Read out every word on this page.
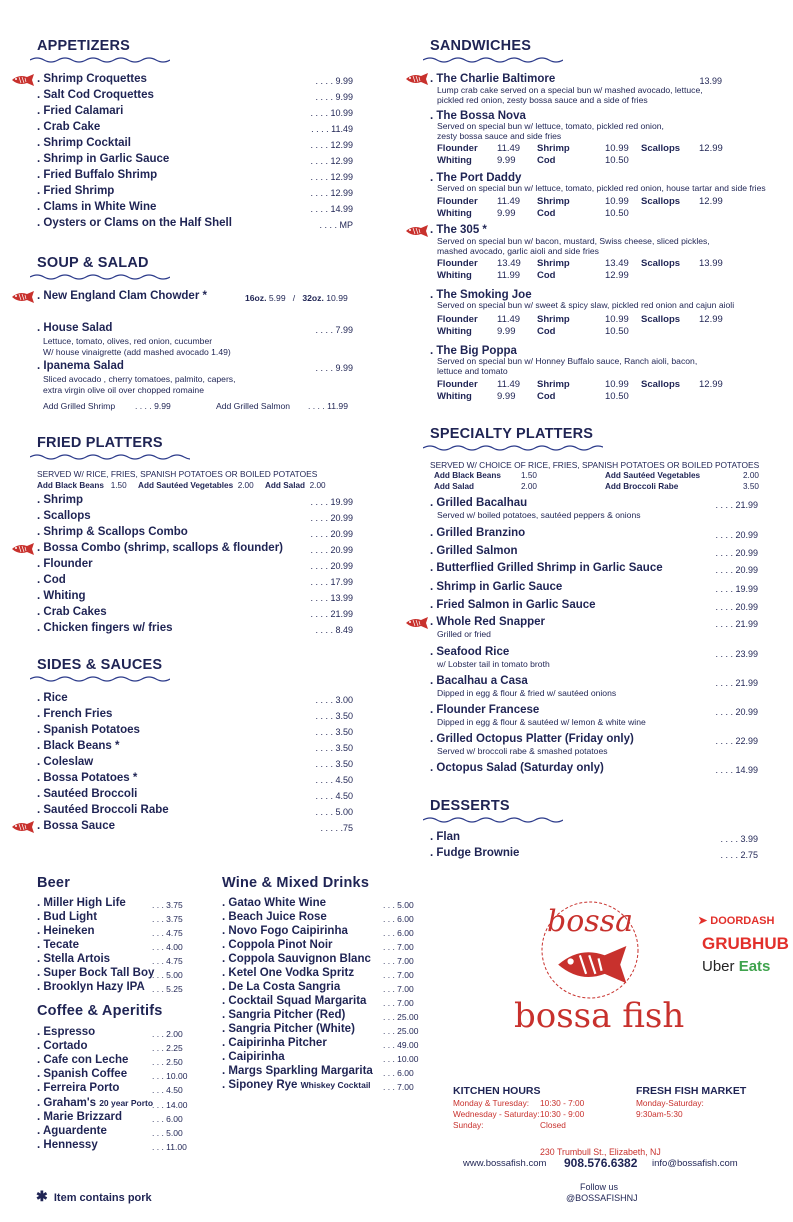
APPETIZERS
. Shrimp Croquettes	. . . . 9.99
. Salt Cod Croquettes	. . . . 9.99
. Fried Calamari	. . . . 10.99
. Crab Cake	. . . . 11.49
. Shrimp Cocktail	. . . . 12.99
. Shrimp in Garlic Sauce	. . . . 12.99
. Fried Buffalo Shrimp	. . . . 12.99
. Fried Shrimp	. . . . 12.99
. Clams in White Wine	. . . . 14.99
. Oysters or Clams on the Half Shell	. . . . MP
SOUP & SALAD
. New England Clam Chowder *	16oz. 5.99 / 32oz. 10.99
. House Salad	. . . . 7.99
Lettuce, tomato, olives, red onion, cucumber
W/ house vinaigrette (add mashed avocado 1.49)
. Ipanema Salad	. . . . 9.99
Sliced avocado , cherry tomatoes, palmito, capers,
extra virgin olive oil over chopped romaine
Add Grilled Shrimp . . . . 9.99	Add Grilled Salmon . . . . 11.99
FRIED PLATTERS
SERVED W/ RICE, FRIES, SPANISH POTATOES OR BOILED POTATOES
Add Black Beans 1.50 Add Sautéed Vegetables 2.00 Add Salad 2.00
. Shrimp	. . . . 19.99
. Scallops	. . . . 20.99
. Shrimp & Scallops Combo	. . . . 20.99
. Bossa Combo (shrimp, scallops & flounder)	. . . . 20.99
. Flounder	. . . . 20.99
. Cod	. . . . 17.99
. Whiting	. . . . 13.99
. Crab Cakes	. . . . 21.99
. Chicken fingers w/ fries	. . . . 8.49
SIDES & SAUCES
. Rice	. . . . 3.00
. French Fries	. . . . 3.50
. Spanish Potatoes	. . . . 3.50
. Black Beans *	. . . . 3.50
. Coleslaw	. . . . 3.50
. Bossa Potatoes *	. . . . 4.50
. Sautéed Broccoli	. . . . 4.50
. Sautéed Broccoli Rabe	. . . . 5.00
. Bossa Sauce	. . . . .75
SANDWICHES
. The Charlie Baltimore	13.99
Lump crab cake served on a special bun w/ mashed avocado, lettuce,
pickled red onion, zesty bossa sauce and a side of fries
. The Bossa Nova
Served on special bun w/ lettuce, tomato, pickled red onion,
zesty bossa sauce and side fries
Flounder 11.49 Shrimp	10.99 Scallops 12.99
Whiting	9.99 Cod	10.50
. The Port Daddy
Served on special bun w/ lettuce, tomato, pickled red onion, house tartar and side fries
Flounder 11.49 Shrimp	10.99 Scallops 12.99
Whiting	9.99 Cod	10.50
. The 305 *
Served on special bun w/ bacon, mustard, Swiss cheese, sliced pickles,
mashed avocado, garlic aioli and side fries
Flounder 13.49 Shrimp	13.49 Scallops 13.99
Whiting	11.99 Cod	12.99
. The Smoking Joe
Served on special bun w/ sweet & spicy slaw, pickled red onion and cajun aioli
Flounder 11.49 Shrimp	10.99 Scallops 12.99
Whiting	9.99 Cod	10.50
. The Big Poppa
Served on special bun w/ Honney Buffalo sauce, Ranch aioli, bacon,
lettuce and tomato
Flounder 11.49 Shrimp	10.99 Scallops 12.99
Whiting	9.99 Cod	10.50
SPECIALTY PLATTERS
SERVED W/ CHOICE OF RICE, FRIES, SPANISH POTATOES OR BOILED POTATOES
Add Black Beans 1.50	Add Sautéed Vegetables	2.00
Add Salad	2.00	Add Broccoli Rabe	3.50
. Grilled Bacalhau	. . . . 21.99
Served w/ boiled potatoes, sautéed peppers & onions
. Grilled Branzino	. . . . 20.99
. Grilled Salmon	. . . . 20.99
. Butterflied Grilled Shrimp in Garlic Sauce	. . . . 20.99
. Shrimp in Garlic Sauce	. . . . 19.99
. Fried Salmon in Garlic Sauce	. . . . 20.99
. Whole Red Snapper	. . . . 21.99
Grilled or fried
. Seafood Rice	. . . . 23.99
w/ Lobster tail in tomato broth
. Bacalhau a Casa	. . . . 21.99
Dipped in egg & flour & fried w/ sautéed onions
. Flounder Francese	. . . . 20.99
Dipped in egg & flour & sautéed w/ lemon & white wine
. Grilled Octopus Platter (Friday only)	. . . . 22.99
Served w/ broccoli rabe & smashed potatoes
. Octopus Salad (Saturday only)	. . . . 14.99
DESSERTS
. Flan	. . . . 3.99
. Fudge Brownie	. . . . 2.75
Beer
. Miller High Life	. . . 3.75
. Bud Light	. . . 3.75
. Heineken	. . . 4.75
. Tecate	. . . 4.00
. Stella Artois	. . . 4.75
. Super Bock Tall Boy
. . . 5.00
. Brooklyn Hazy IPA . . . 5.25
Coffee & Aperitifs
. Espresso	. . . 2.00
. Cortado	. . . 2.25
. Cafe con Leche	. . . 2.50
. Spanish Coffee	. . . 10.00
. Ferreira Porto	. . . 4.50
. Graham's 20 year Porto
. . . 14.00
. Marie Brizzard	. . . 6.00
. Aguardente	. . . 5.00
. Hennessy	. . . 11.00
Wine & Mixed Drinks
. Gatao White Wine	. . . 5.00
. Beach Juice Rose	. . . 6.00
. Novo Fogo Caipirinha	. . . 6.00
. Coppola Pinot Noir	. . . 7.00
. Coppola Sauvignon Blanc . . . 7.00
. Ketel One Vodka Spritz	. . . 7.00
. De La Costa Sangria	. . . 7.00
. Cocktail Squad Margarita . . . 7.00
. Sangria Pitcher (Red)	. . . 25.00
. Sangria Pitcher (White)	. . . 25.00
. Caipirinha Pitcher	. . . 49.00
. Caipirinha	. . . 10.00
. Margs Sparkling Margarita . . . 6.00
. Siponey Rye Whiskey Cocktail . . . 7.00
✱ Item contains pork
bossa
bossa fish
➤ DOORDASH
GRUBHUB
Uber Eats
KITCHEN HOURS
Monday & Turesday: 10:30 - 7:00
Wednesday - Saturday: 10:30 - 9:00
Sunday:	Closed
FRESH FISH MARKET
Monday-Saturday:
9:30am-5:30
230 Trumbull St., Elizabeth, NJ
www.bossafish.com 908.576.6382 info@bossafish.com
Follow us
@BOSSAFISHNJ
